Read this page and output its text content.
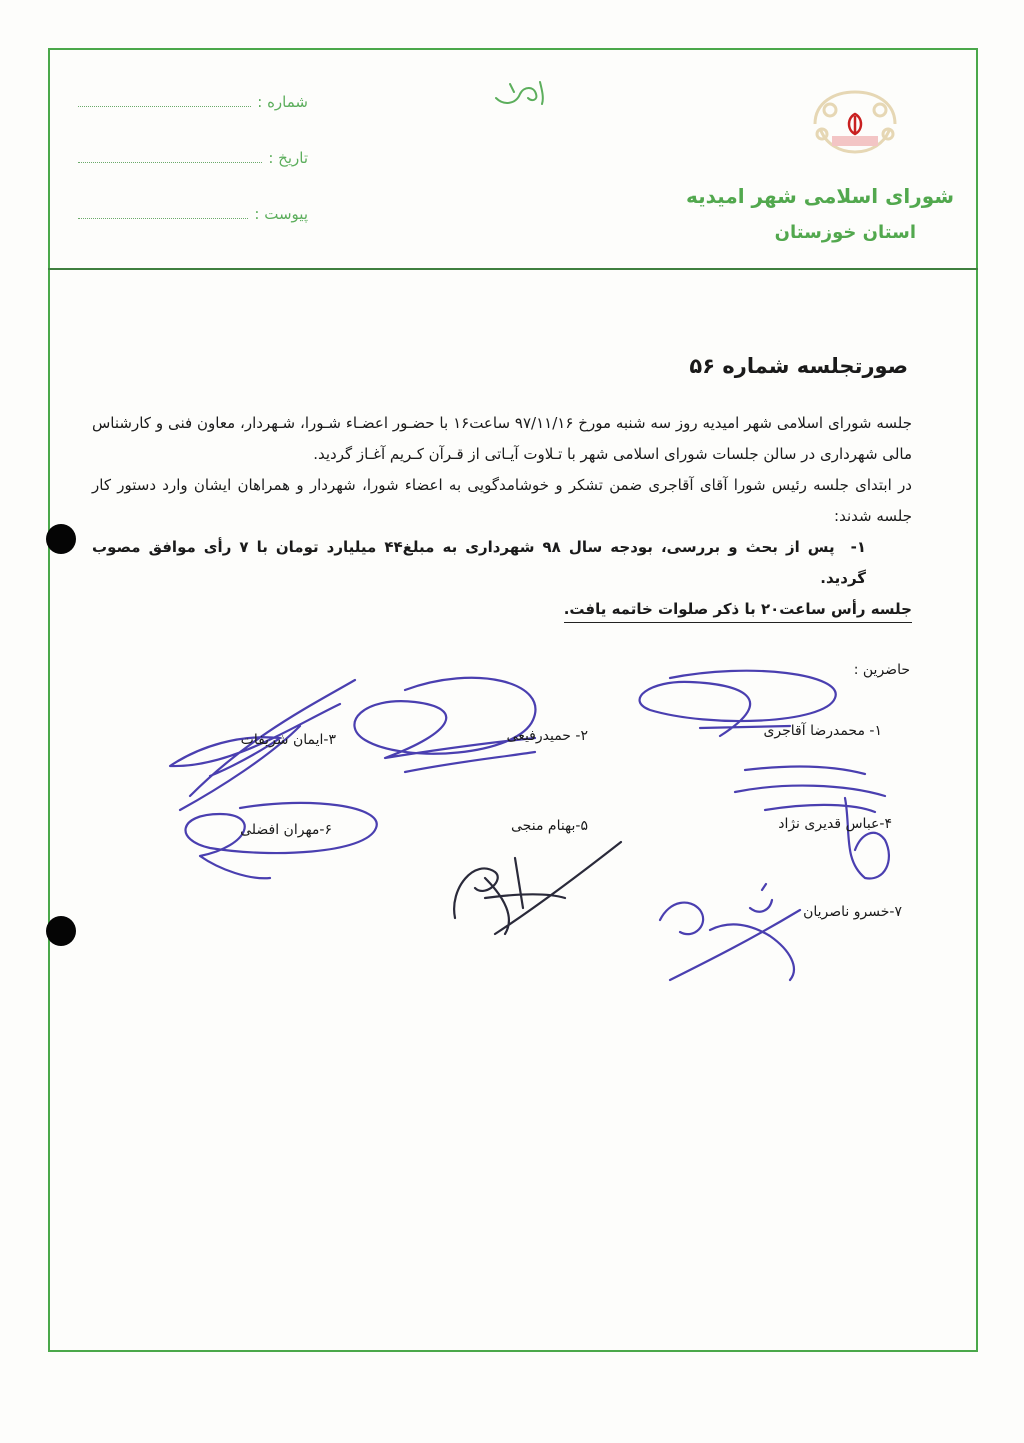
شماره :
تاریخ :
پیوست :
شورای اسلامی شهر امیدیه
استان خوزستان
صورتجلسه شماره ۵۶

جلسه شورای اسلامی شهر امیدیه روز سه شنبه مورخ ۹۷/۱۱/۱۶ ساعت۱۶ با حضـور اعضـاء شـورا، شـهردار، معاون فنی و کارشناس مالی شهرداری در سالن جلسات شورای اسلامی شهر با تـلاوت آیـاتی از قـرآن کـریم آغـاز گردید.

در ابتدای جلسه رئیس شورا آقای آقاجری ضمن تشکر و خوشامدگویی به اعضاء شورا، شهردار و همراهان ایشان وارد دستور کار جلسه شدند:

۱-پس از بحث و بررسی، بودجه سال ۹۸ شهرداری به مبلغ۴۴ میلیارد تومان با ۷ رأی موافق مصوب گردید.

جلسه رأس ساعت۲۰ با ذکر صلوات خاتمه یافت.

حاضرین :
۱- محمدرضا آقاجری
۲- حمیدرفیعی
۳-ایمان شریفات
۴-عباس قدیری نژاد
۵-بهنام منجی
۶-مهران افضلی
۷-خسرو ناصریان
